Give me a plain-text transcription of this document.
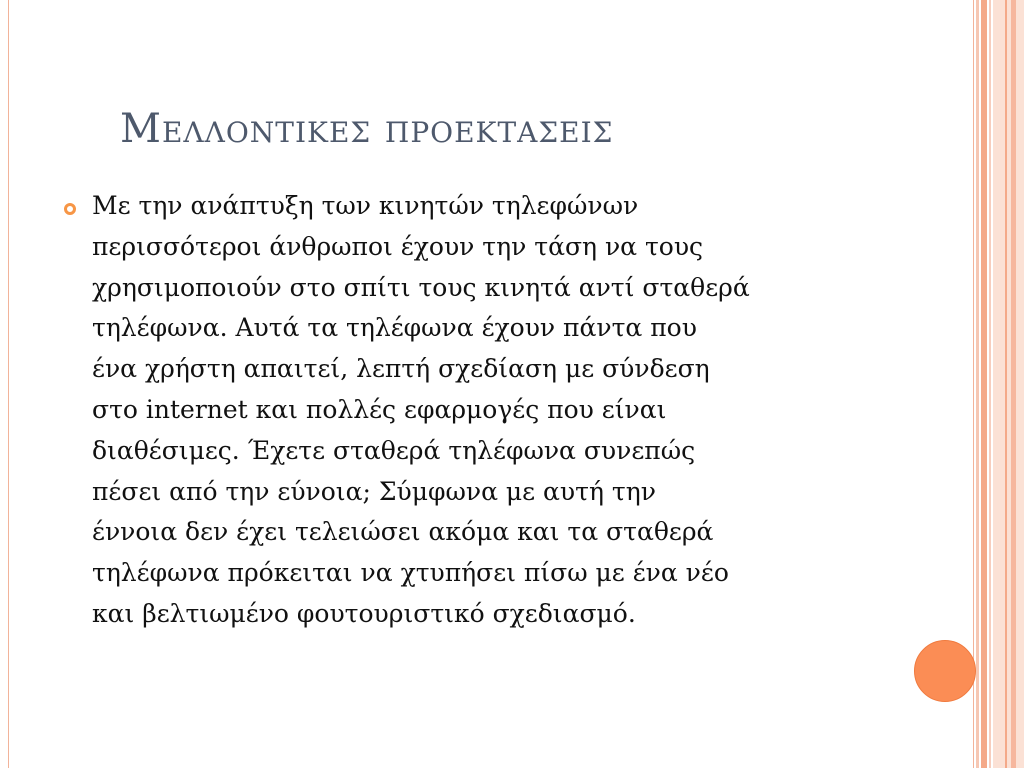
Μελλοντικες προεκτασεις

Με την ανάπτυξη των κινητών τηλεφώνων
περισσότεροι άνθρωποι έχουν την τάση να τους
χρησιμοποιούν στο σπίτι τους κινητά αντί σταθερά
τηλέφωνα. Αυτά τα τηλέφωνα έχουν πάντα που
ένα χρήστη απαιτεί, λεπτή σχεδίαση με σύνδεση
στο internet και πολλές εφαρμογές που είναι
διαθέσιμες. Έχετε σταθερά τηλέφωνα συνεπώς
πέσει από την εύνοια; Σύμφωνα με αυτή την
έννοια δεν έχει τελειώσει ακόμα και τα σταθερά
τηλέφωνα πρόκειται να χτυπήσει πίσω με ένα νέο
και βελτιωμένο φουτουριστικό σχεδιασμό.
